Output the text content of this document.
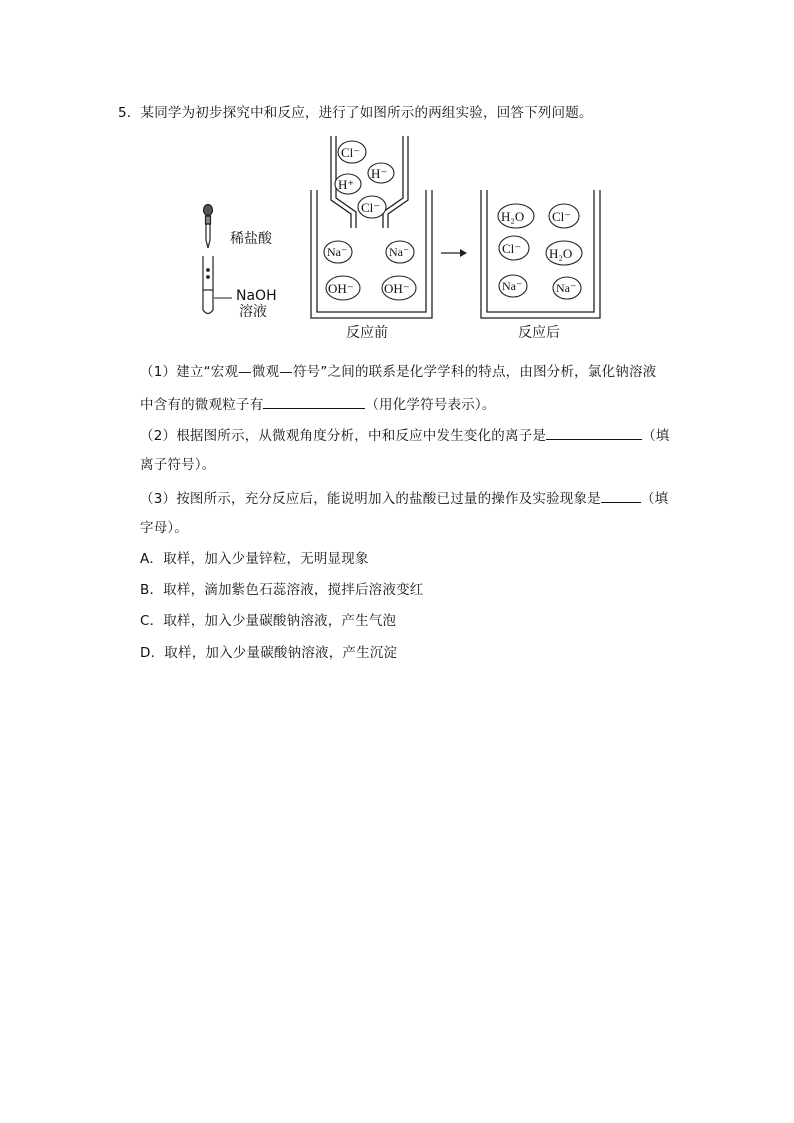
5．某同学为初步探究中和反应，进行了如图所示的两组实验，回答下列问题。
稀盐酸
NaOH
溶液
Cl⁻
H⁻
H⁺
Cl⁻
Na⁻	Na⁻
OH⁻ OH⁻
H₂O Cl⁻
Cl⁻ H₂O
Na⁻	Na⁻
反应前	反应后
（1）建立“宏观—微观—符号”之间的联系是化学学科的特点，由图分析，氯化钠溶液
中含有的微观粒子有	（用化学符号表示）。
（2）根据图所示，从微观角度分析，中和反应中发生变化的离子是	（填
离子符号）。
（3）按图所示，充分反应后，能说明加入的盐酸已过量的操作及实验现象是	（填
字母）。
A．取样，加入少量锌粒，无明显现象
B．取样，滴加紫色石蕊溶液，搅拌后溶液变红
C．取样，加入少量碳酸钠溶液，产生气泡
D．取样，加入少量碳酸钠溶液，产生沉淀
